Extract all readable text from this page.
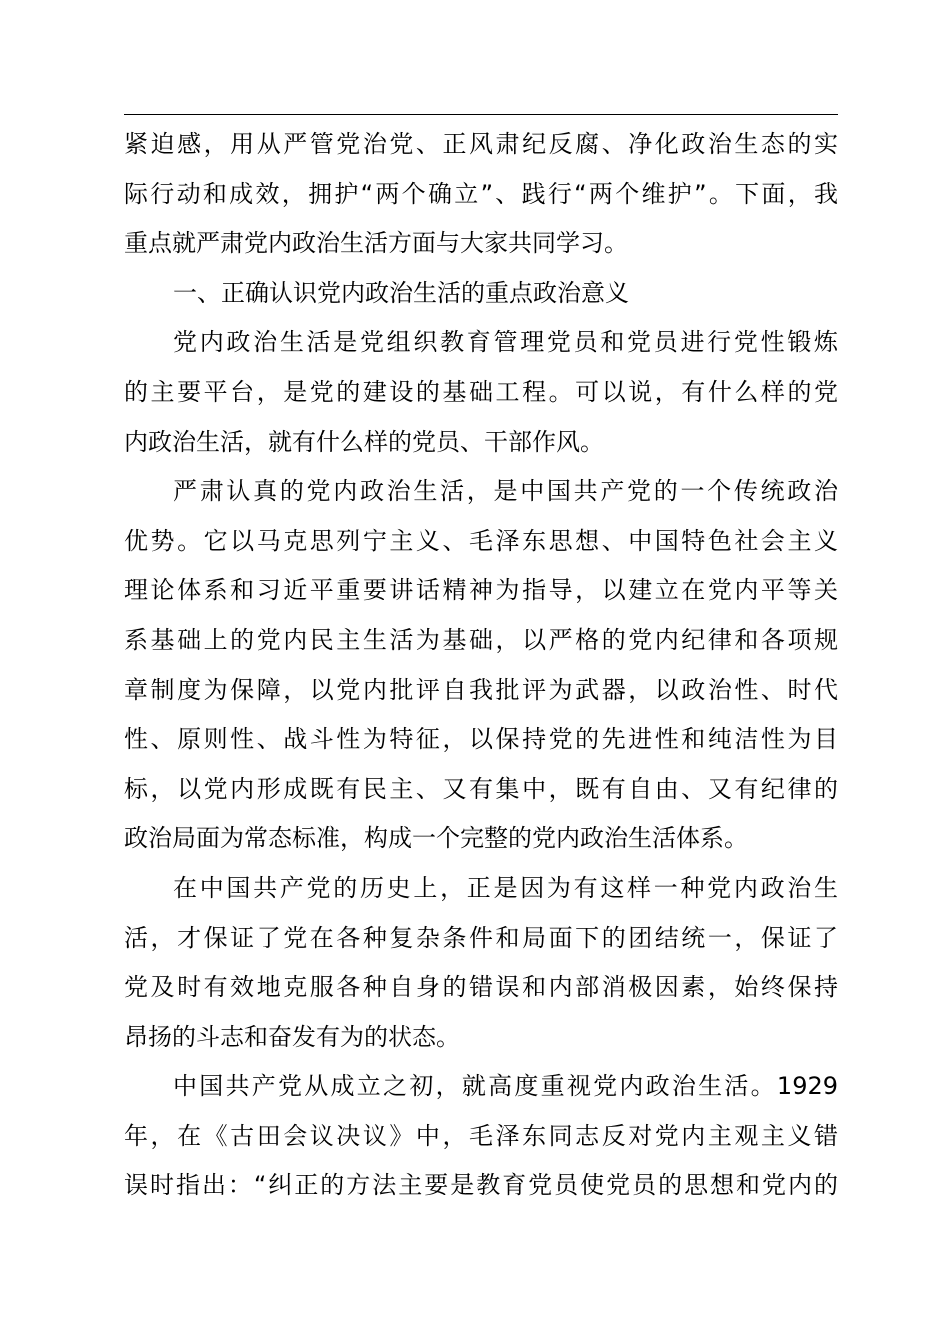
紧迫感，用从严管党治党、正风肃纪反腐、净化政治生态的实
际行动和成效，拥护“两个确立”、践行“两个维护”。下面，我
重点就严肃党内政治生活方面与大家共同学习。
一、正确认识党内政治生活的重点政治意义
党内政治生活是党组织教育管理党员和党员进行党性锻炼
的主要平台，是党的建设的基础工程。可以说，有什么样的党
内政治生活，就有什么样的党员、干部作风。
严肃认真的党内政治生活，是中国共产党的一个传统政治
优势。它以马克思列宁主义、毛泽东思想、中国特色社会主义
理论体系和习近平重要讲话精神为指导，以建立在党内平等关
系基础上的党内民主生活为基础，以严格的党内纪律和各项规
章制度为保障，以党内批评自我批评为武器，以政治性、时代
性、原则性、战斗性为特征，以保持党的先进性和纯洁性为目
标，以党内形成既有民主、又有集中，既有自由、又有纪律的
政治局面为常态标准，构成一个完整的党内政治生活体系。
在中国共产党的历史上，正是因为有这样一种党内政治生
活，才保证了党在各种复杂条件和局面下的团结统一，保证了
党及时有效地克服各种自身的错误和内部消极因素，始终保持
昂扬的斗志和奋发有为的状态。
中国共产党从成立之初，就高度重视党内政治生活。1929
年，在《古田会议决议》中，毛泽东同志反对党内主观主义错
误时指出：“纠正的方法主要是教育党员使党员的思想和党内的
